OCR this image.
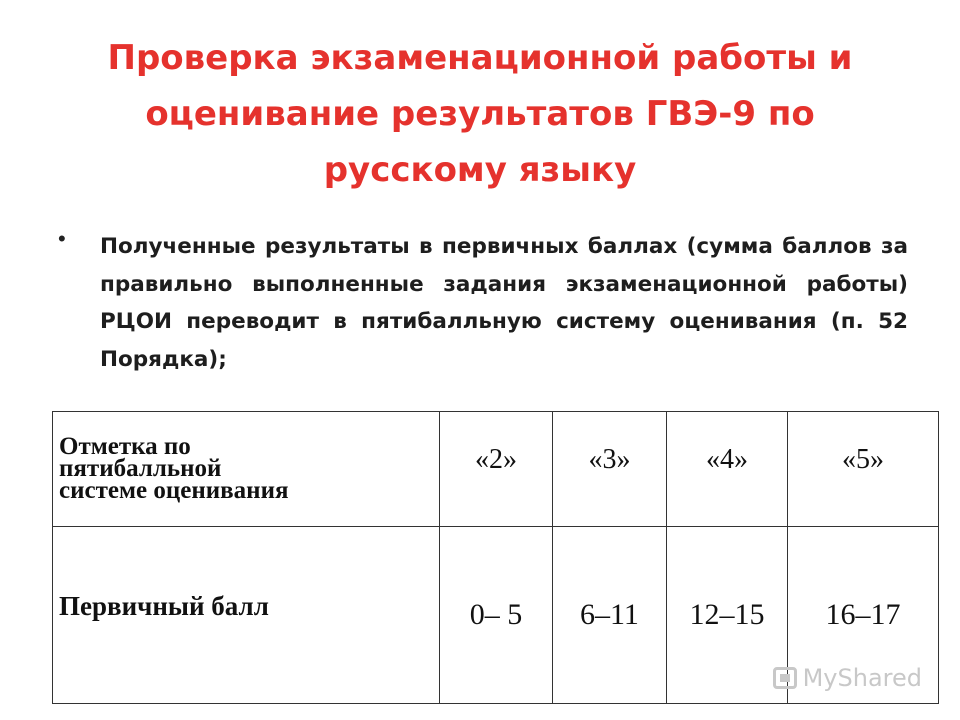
Проверка экзаменационной работы и оценивание результатов ГВЭ-9 по русскому языку
• Полученные результаты в первичных баллах (сумма баллов за правильно выполненные задания экзаменационной работы) РЦОИ переводит в пятибалльную систему оценивания (п. 52 Порядка);
Отметка по
пятибалльной
системе оценивания	«2»	«3»	«4»	«5»
Первичный балл	0– 5	6–11	12–15	16–17
MyShared
